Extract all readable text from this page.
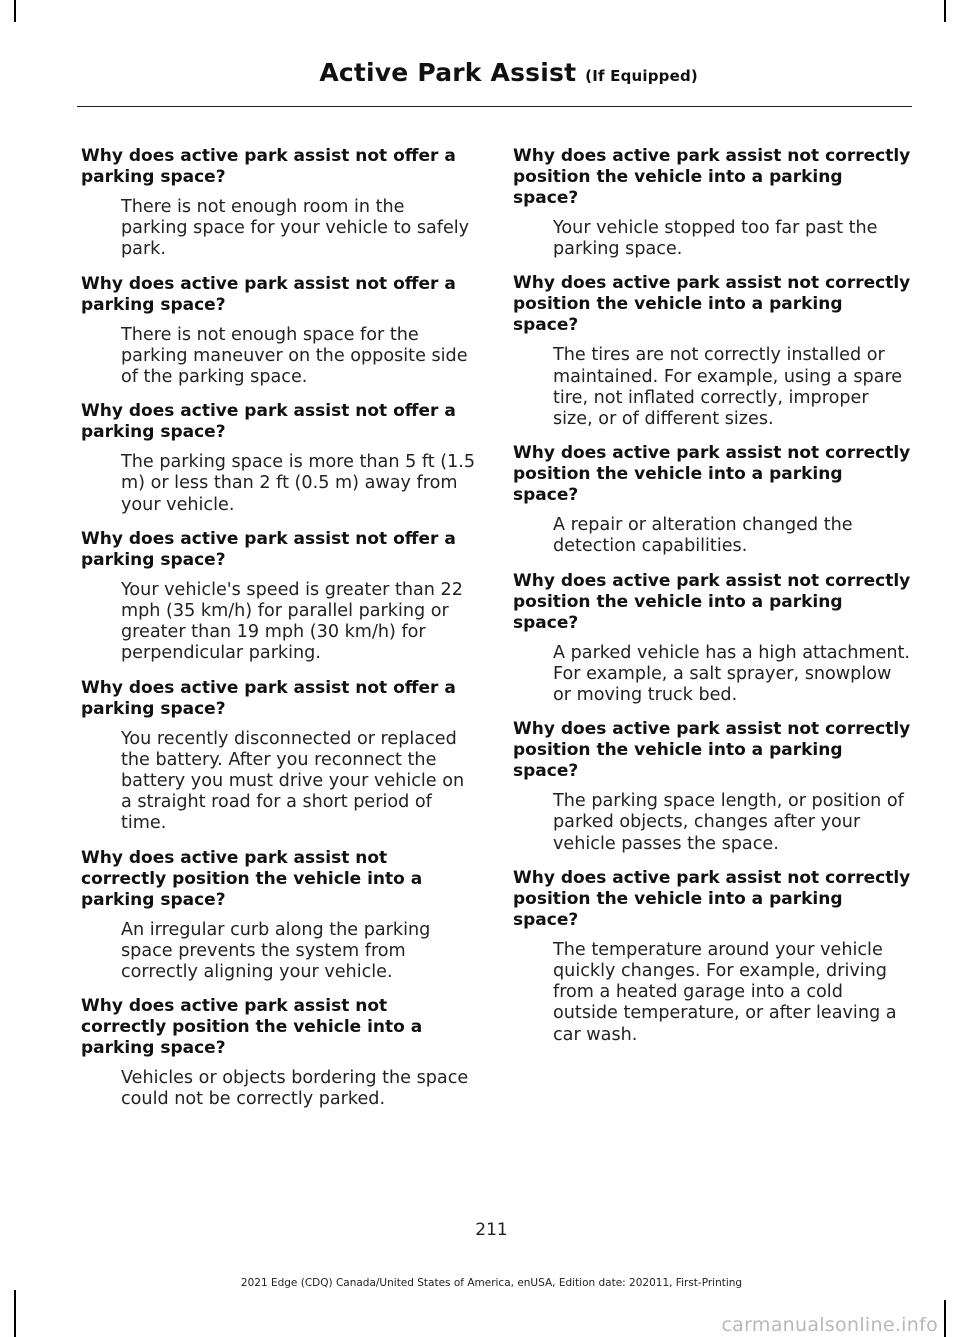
Active Park Assist (If Equipped)

Why does active park assist not offer a parking space?

There is not enough room in the parking space for your vehicle to safely park.

Why does active park assist not offer a parking space?

There is not enough space for the parking maneuver on the opposite side of the parking space.

Why does active park assist not offer a parking space?

The parking space is more than 5 ft (1.5 m) or less than 2 ft (0.5 m) away from your vehicle.

Why does active park assist not offer a parking space?

Your vehicle's speed is greater than 22 mph (35 km/h) for parallel parking or greater than 19 mph (30 km/h) for perpendicular parking.

Why does active park assist not offer a parking space?

You recently disconnected or replaced the battery. After you reconnect the battery you must drive your vehicle on a straight road for a short period of time.

Why does active park assist not correctly position the vehicle into a parking space?

An irregular curb along the parking space prevents the system from correctly aligning your vehicle.

Why does active park assist not correctly position the vehicle into a parking space?

Vehicles or objects bordering the space could not be correctly parked.

Why does active park assist not correctly position the vehicle into a parking space?

Your vehicle stopped too far past the parking space.

Why does active park assist not correctly position the vehicle into a parking space?

The tires are not correctly installed or maintained. For example, using a spare tire, not inflated correctly, improper size, or of different sizes.

Why does active park assist not correctly position the vehicle into a parking space?

A repair or alteration changed the detection capabilities.

Why does active park assist not correctly position the vehicle into a parking space?

A parked vehicle has a high attachment. For example, a salt sprayer, snowplow or moving truck bed.

Why does active park assist not correctly position the vehicle into a parking space?

The parking space length, or position of parked objects, changes after your vehicle passes the space.

Why does active park assist not correctly position the vehicle into a parking space?

The temperature around your vehicle quickly changes. For example, driving from a heated garage into a cold outside temperature, or after leaving a car wash.

211
2021 Edge (CDQ) Canada/United States of America, enUSA, Edition date: 202011, First-Printing
carmanualsonline.info
